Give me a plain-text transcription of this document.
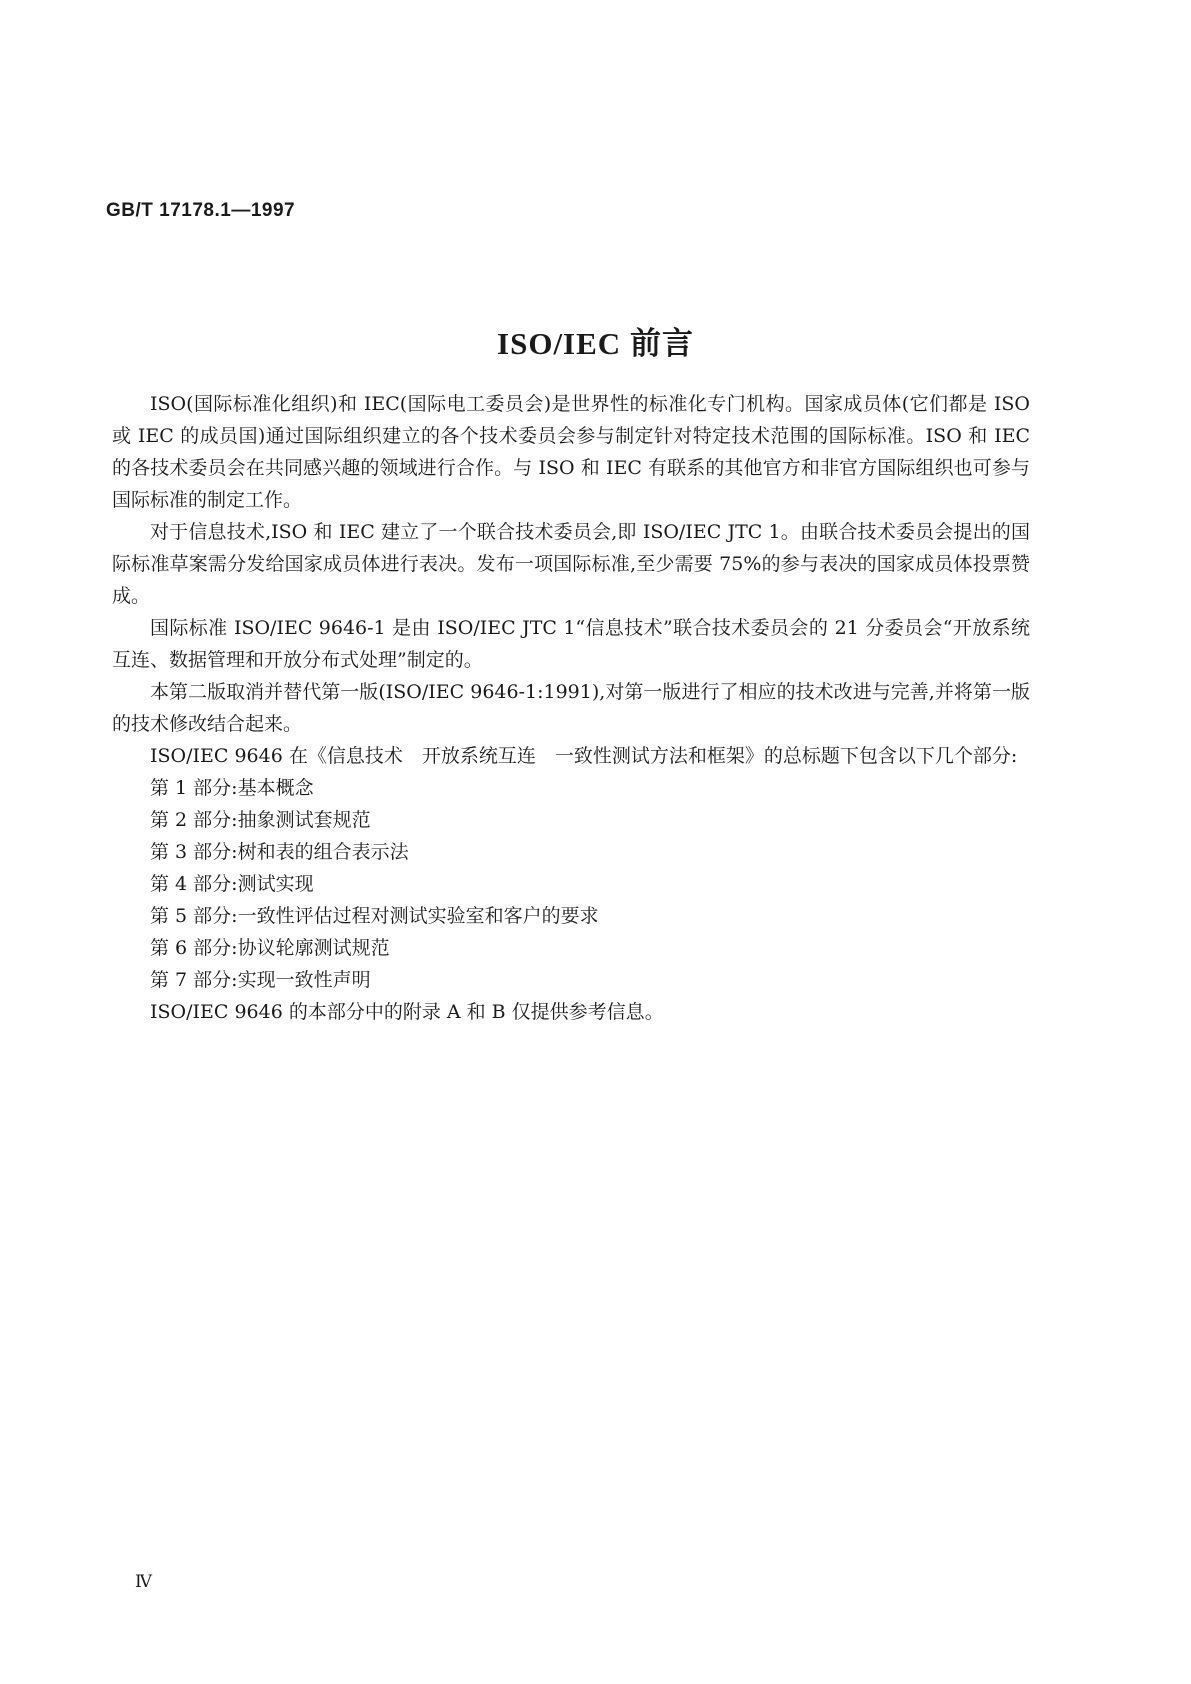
GB/T 17178.1—1997
ISO/IEC 前言

ISO(国际标准化组织)和 IEC(国际电工委员会)是世界性的标准化专门机构。国家成员体(它们都是 ISO 或 IEC 的成员国)通过国际组织建立的各个技术委员会参与制定针对特定技术范围的国际标准。ISO 和 IEC 的各技术委员会在共同感兴趣的领域进行合作。与 ISO 和 IEC 有联系的其他官方和非官方国际组织也可参与国际标准的制定工作。

对于信息技术,ISO 和 IEC 建立了一个联合技术委员会,即 ISO/IEC JTC 1。由联合技术委员会提出的国际标准草案需分发给国家成员体进行表决。发布一项国际标准,至少需要 75%的参与表决的国家成员体投票赞成。

国际标准 ISO/IEC 9646-1 是由 ISO/IEC JTC 1“信息技术”联合技术委员会的 21 分委员会“开放系统互连、数据管理和开放分布式处理”制定的。

本第二版取消并替代第一版(ISO/IEC 9646-1:1991),对第一版进行了相应的技术改进与完善,并将第一版的技术修改结合起来。

ISO/IEC 9646 在《信息技术　开放系统互连　一致性测试方法和框架》的总标题下包含以下几个部分:

第 1 部分:基本概念
第 2 部分:抽象测试套规范
第 3 部分:树和表的组合表示法
第 4 部分:测试实现
第 5 部分:一致性评估过程对测试实验室和客户的要求
第 6 部分:协议轮廓测试规范
第 7 部分:实现一致性声明

ISO/IEC 9646 的本部分中的附录 A 和 B 仅提供参考信息。

Ⅳ
